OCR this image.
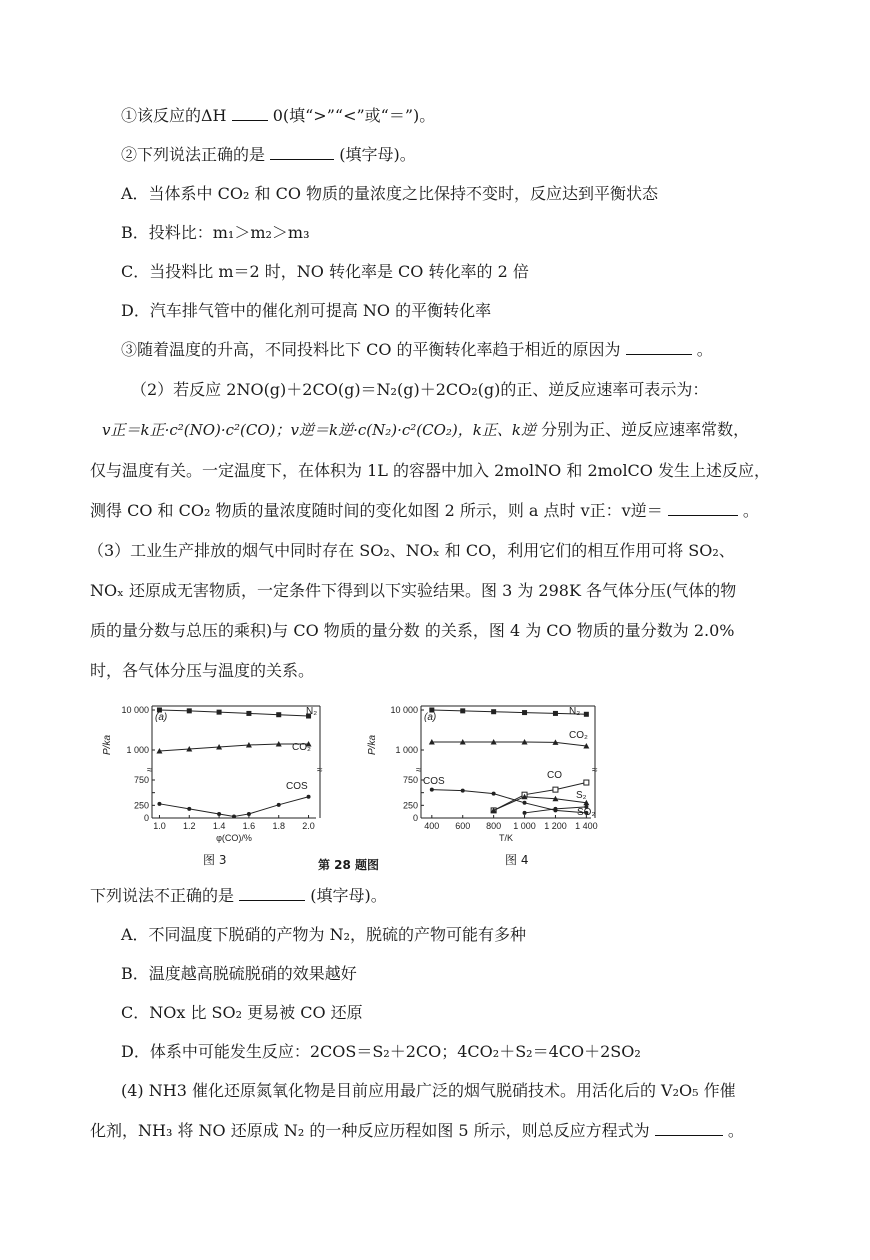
①该反应的ΔH	0(填“>”“<”或“＝”)。
②下列说法正确的是	(填字母)。
A．当体系中 CO₂ 和 CO 物质的量浓度之比保持不变时，反应达到平衡状态
B．投料比：m₁＞m₂＞m₃
C．当投料比 m＝2 时，NO 转化率是 CO 转化率的 2 倍
D．汽车排气管中的催化剂可提高 NO 的平衡转化率
③随着温度的升高，不同投料比下 CO 的平衡转化率趋于相近的原因为	。
（2）若反应 2NO(g)＋2CO(g)＝N₂(g)＋2CO₂(g)的正、逆反应速率可表示为：
v正＝k正·c²(NO)·c²(CO)；v逆＝k逆·c(N₂)·c²(CO₂)，k正、k逆 分别为正、逆反应速率常数，
仅与温度有关。一定温度下，在体积为 1L 的容器中加入 2molNO 和 2molCO 发生上述反应，
测得 CO 和 CO₂ 物质的量浓度随时间的变化如图 2 所示，则 a 点时 v正：v逆＝	。
（3）工业生产排放的烟气中同时存在 SO₂、NOₓ 和 CO，利用它们的相互作用可将 SO₂、
NOₓ 还原成无害物质，一定条件下得到以下实验结果。图 3 为 298K 各气体分压(气体的物
质的量分数与总压的乘积)与 CO 物质的量分数 的关系，图 4 为 CO 物质的量分数为 2.0%
时，各气体分压与温度的关系。
≈	≈
0
250
750
1 000
10 000
1.0 1.2 1.4 1.6 1.8 2.0
φ(CO)/%
P/ka
(a)
N₂
CO₂
COS
≈	≈
0
250
750
1 000
10 000
400 600 800 1 000 1 200 1 400
T/K
P/ka
(a)
N₂
CO₂
COS
CO
S₂
SO₂
图 3	第 28 题图	图 4
下列说法不正确的是	(填字母)。
A．不同温度下脱硝的产物为 N₂，脱硫的产物可能有多种
B．温度越高脱硫脱硝的效果越好
C．NOx 比 SO₂ 更易被 CO 还原
D．体系中可能发生反应：2COS＝S₂＋2CO；4CO₂＋S₂＝4CO＋2SO₂
(4) NH3 催化还原氮氧化物是目前应用最广泛的烟气脱硝技术。用活化后的 V₂O₅ 作催
化剂，NH₃ 将 NO 还原成 N₂ 的一种反应历程如图 5 所示，则总反应方程式为	。
